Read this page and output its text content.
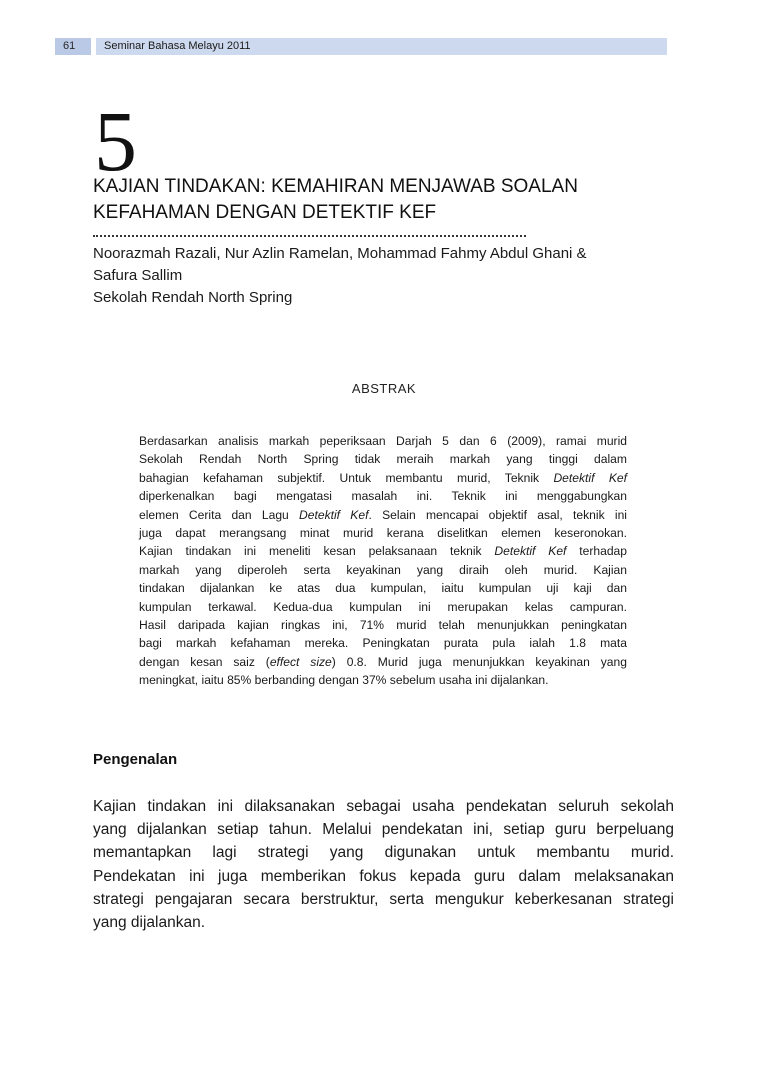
61	Seminar Bahasa Melayu 2011
5
KAJIAN TINDAKAN: KEMAHIRAN MENJAWAB SOALAN
KEFAHAMAN DENGAN DETEKTIF KEF
Noorazmah Razali, Nur Azlin Ramelan, Mohammad Fahmy Abdul Ghani &
Safura Sallim
Sekolah Rendah North Spring
ABSTRAK
Berdasarkan analisis markah peperiksaan Darjah 5 dan 6 (2009), ramai murid
Sekolah Rendah North Spring tidak meraih markah yang tinggi dalam
bahagian kefahaman subjektif. Untuk membantu murid, Teknik Detektif Kef
diperkenalkan bagi mengatasi masalah ini. Teknik ini menggabungkan
elemen Cerita dan Lagu Detektif Kef. Selain mencapai objektif asal, teknik ini
juga dapat merangsang minat murid kerana diselitkan elemen keseronokan.
Kajian tindakan ini meneliti kesan pelaksanaan teknik Detektif Kef terhadap
markah yang diperoleh serta keyakinan yang diraih oleh murid. Kajian
tindakan dijalankan ke atas dua kumpulan, iaitu kumpulan uji kaji dan
kumpulan terkawal. Kedua-dua kumpulan ini merupakan kelas campuran.
Hasil daripada kajian ringkas ini, 71% murid telah menunjukkan peningkatan
bagi markah kefahaman mereka. Peningkatan purata pula ialah 1.8 mata
dengan kesan saiz (effect size) 0.8. Murid juga menunjukkan keyakinan yang
meningkat, iaitu 85% berbanding dengan 37% sebelum usaha ini dijalankan.
Pengenalan
Kajian tindakan ini dilaksanakan sebagai usaha pendekatan seluruh sekolah
yang dijalankan setiap tahun. Melalui pendekatan ini, setiap guru berpeluang
memantapkan lagi strategi yang digunakan untuk membantu murid.
Pendekatan ini juga memberikan fokus kepada guru dalam melaksanakan
strategi pengajaran secara berstruktur, serta mengukur keberkesanan strategi
yang dijalankan.
